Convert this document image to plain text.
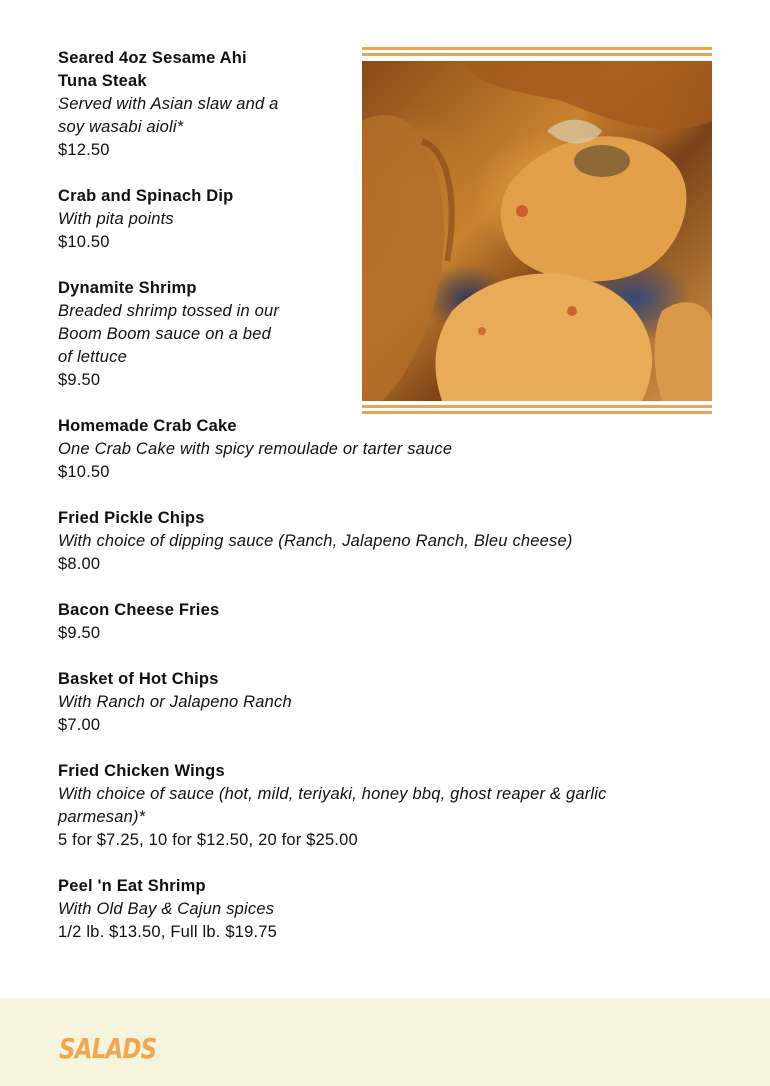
Seared 4oz Sesame Ahi Tuna Steak
Served with Asian slaw and a soy wasabi aioli*
$12.50
Crab and Spinach Dip
With pita points
$10.50
Dynamite Shrimp
Breaded shrimp tossed in our Boom Boom sauce on a bed of lettuce
$9.50
Homemade Crab Cake
One Crab Cake with spicy remoulade or tarter sauce
$10.50
Fried Pickle Chips
With choice of dipping sauce (Ranch, Jalapeno Ranch, Bleu cheese)
$8.00
Bacon Cheese Fries
$9.50
Basket of Hot Chips
With Ranch or Jalapeno Ranch
$7.00
Fried Chicken Wings
With choice of sauce (hot, mild, teriyaki, honey bbq, ghost reaper & garlic parmesan)*
5 for $7.25, 10 for $12.50, 20 for $25.00
Peel 'n Eat Shrimp
With Old Bay & Cajun spices
1/2 lb. $13.50, Full lb. $19.75
SALADS
